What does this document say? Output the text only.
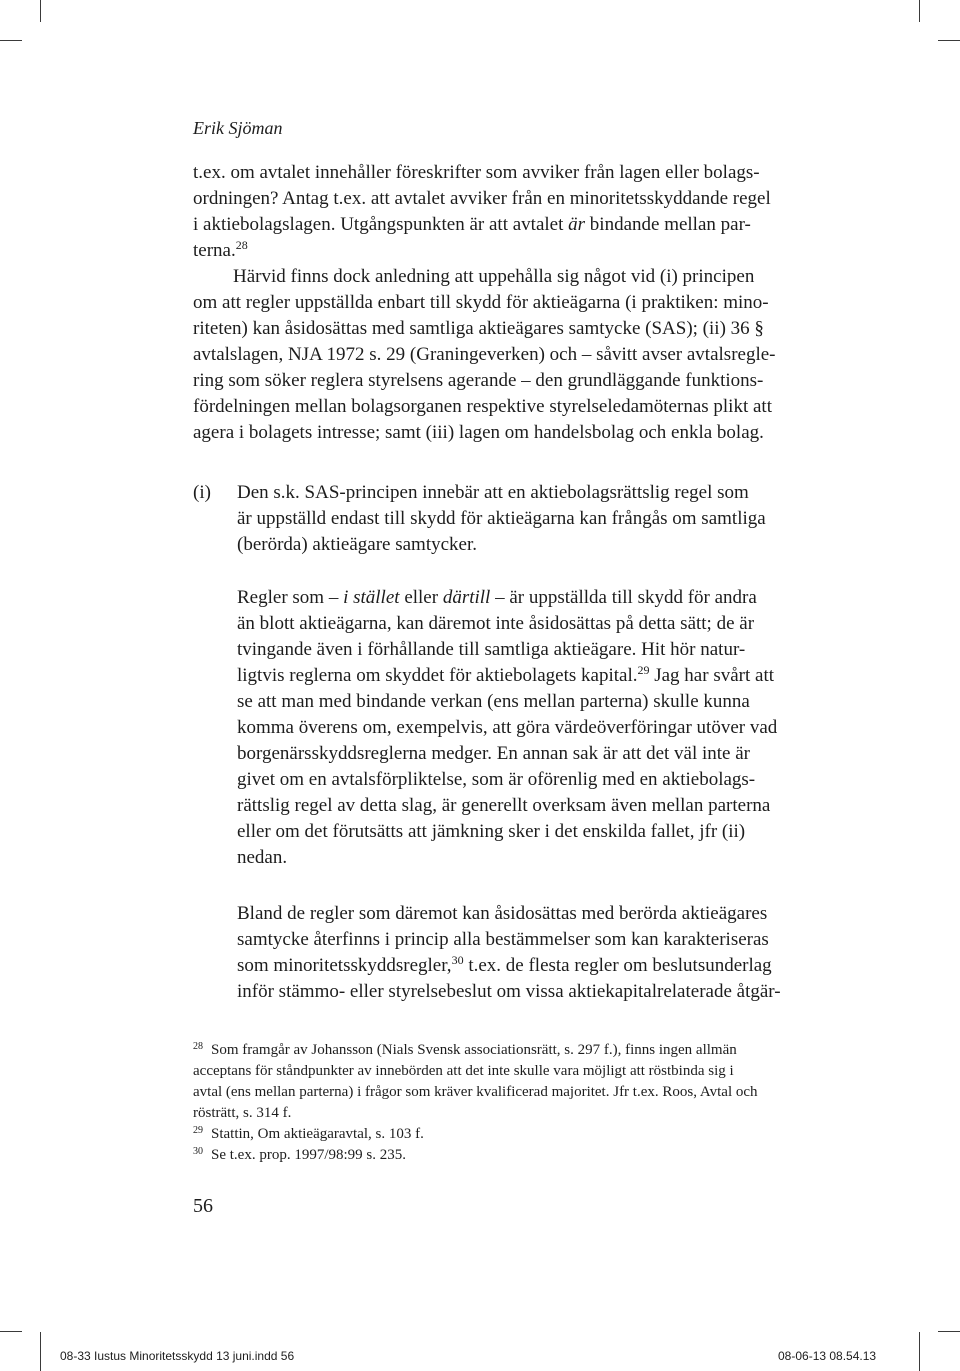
Erik Sjöman

t.ex. om avtalet innehåller föreskrifter som avviker från lagen eller bolags-
ordningen? Antag t.ex. att avtalet avviker från en minoritetsskyddande regel
i aktiebolagslagen. Utgångspunkten är att avtalet är bindande mellan par-
terna.$^{28}$

Härvid finns dock anledning att uppehålla sig något vid (i) principen
om att regler uppställda enbart till skydd för aktieägarna (i praktiken: mino-
riteten) kan åsidosättas med samtliga aktieägares samtycke (SAS); (ii) 36 §
avtalslagen, NJA 1972 s. 29 (Graningeverken) och – såvitt avser avtalsregle-
ring som söker reglera styrelsens agerande – den grundläggande funktions-
fördelningen mellan bolagsorganen respektive styrelseledamöternas plikt att
agera i bolagets intresse; samt (iii) lagen om handelsbolag och enkla bolag.

(i) Den s.k. SAS-principen innebär att en aktiebolagsrättslig regel som
är uppställd endast till skydd för aktieägarna kan frångås om samtliga
(berörda) aktieägare samtycker.

Regler som – i stället eller därtill – är uppställda till skydd för andra
än blott aktieägarna, kan däremot inte åsidosättas på detta sätt; de är
tvingande även i förhållande till samtliga aktieägare. Hit hör natur-
ligtvis reglerna om skyddet för aktiebolagets kapital.$^{29}$ Jag har svårt att
se att man med bindande verkan (ens mellan parterna) skulle kunna
komma överens om, exempelvis, att göra värdeöverföringar utöver vad
borgenärsskyddsreglerna medger. En annan sak är att det väl inte är
givet om en avtalsförpliktelse, som är oförenlig med en aktiebolags-
rättslig regel av detta slag, är generellt overksam även mellan parterna
eller om det förutsätts att jämkning sker i det enskilda fallet, jfr (ii)
nedan.

Bland de regler som däremot kan åsidosättas med berörda aktieägares
samtycke återfinns i princip alla bestämmelser som kan karakteriseras
som minoritetsskyddsregler,$^{30}$ t.ex. de flesta regler om beslutsunderlag
inför stämmo- eller styrelsebeslut om vissa aktiekapitalrelaterade åtgär-

$^{28}$ Som framgår av Johansson (Nials Svensk associationsrätt, s. 297 f.), finns ingen allmän
acceptans för ståndpunkter av innebörden att det inte skulle vara möjligt att röstbinda sig i
avtal (ens mellan parterna) i frågor som kräver kvalificerad majoritet. Jfr t.ex. Roos, Avtal och
rösträtt, s. 314 f.
$^{29}$ Stattin, Om aktieägaravtal, s. 103 f.
$^{30}$ Se t.ex. prop. 1997/98:99 s. 235.
56
08-33 Iustus Minoritetsskydd 13 juni.indd 56	08-06-13 08.54.13
